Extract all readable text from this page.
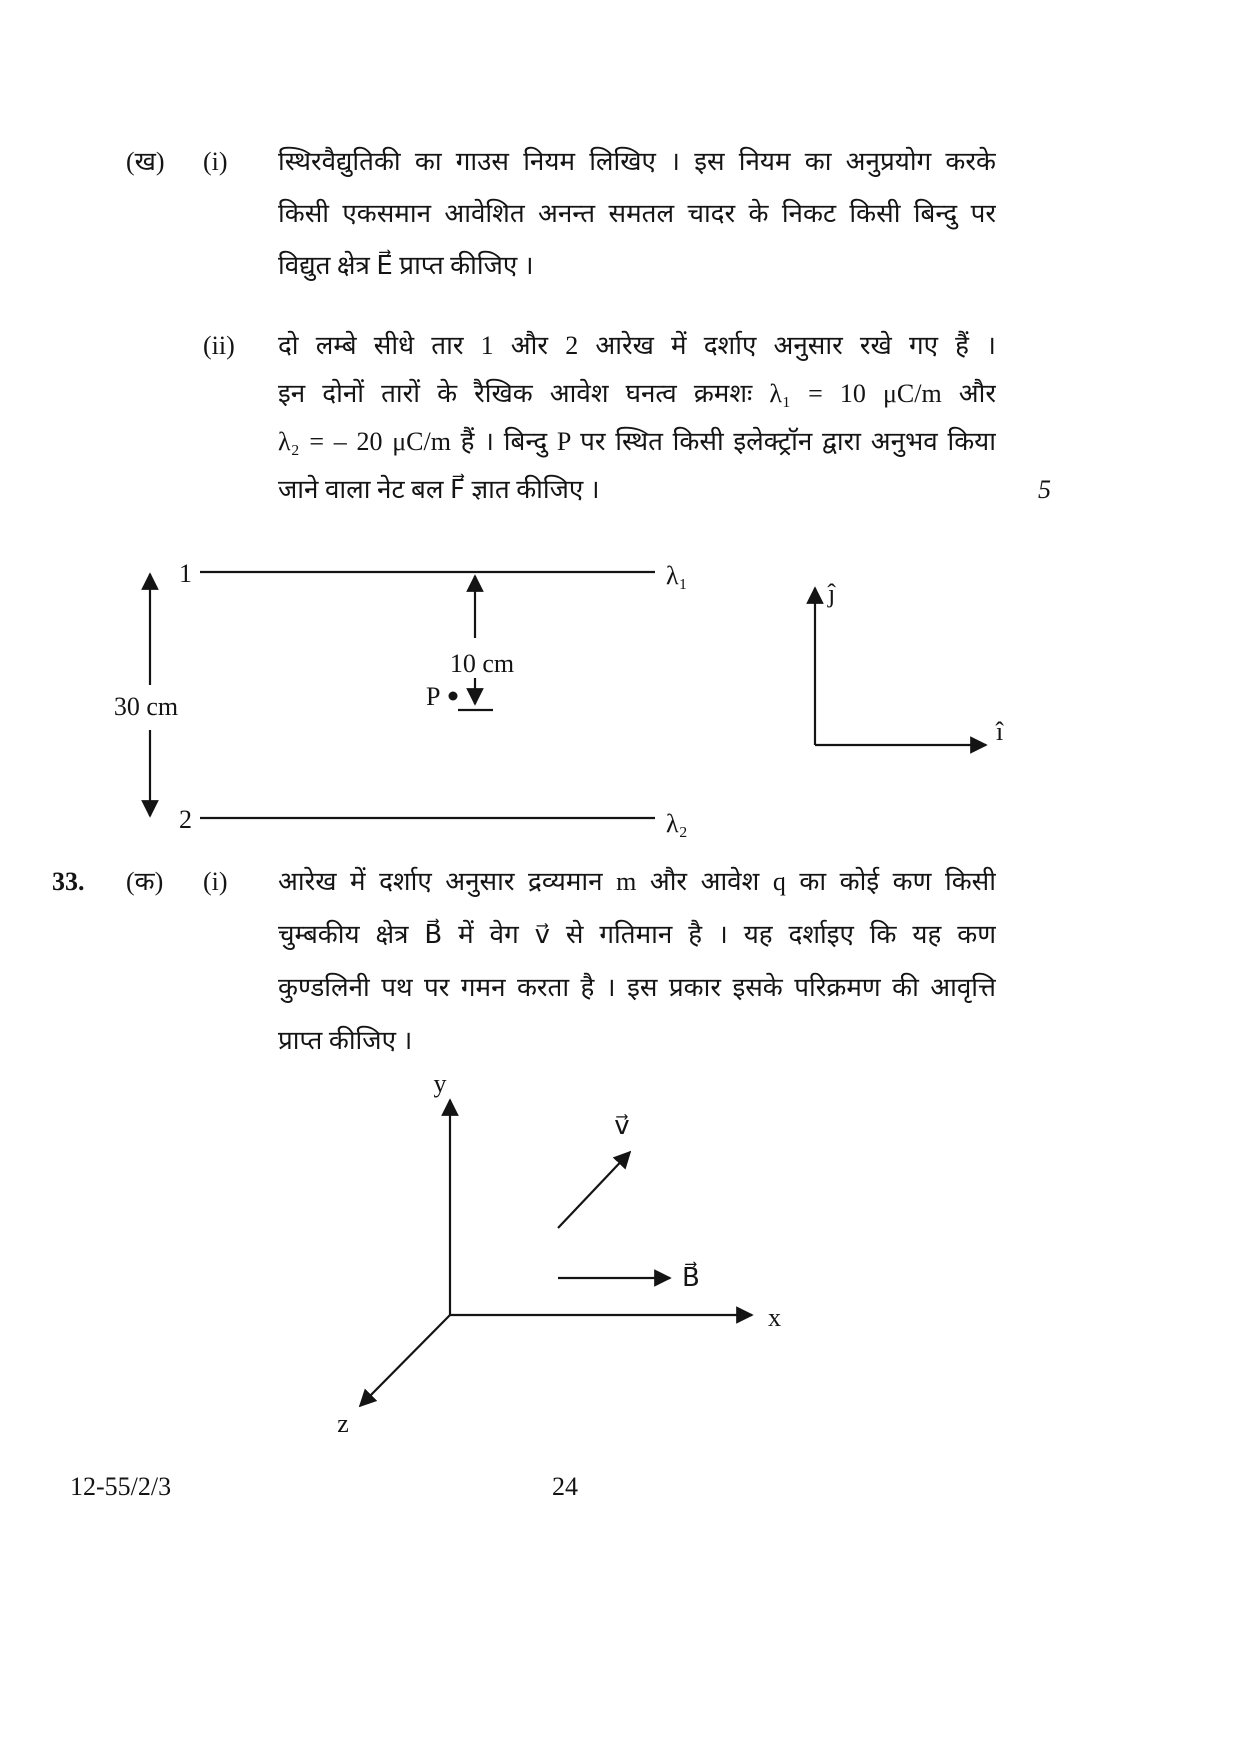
(ख) (i) स्थिरवैद्युतिकी का गाउस नियम लिखिए । इस नियम का अनुप्रयोग करके
किसी एकसमान आवेशित अनन्त समतल चादर के निकट किसी बिन्दु पर
विद्युत क्षेत्र E⃗ प्राप्त कीजिए ।
(ii) दो लम्बे सीधे तार 1 और 2 आरेख में दर्शाए अनुसार रखे गए हैं ।
इन दोनों तारों के रैखिक आवेश घनत्व क्रमशः λ₁ = 10 μC/m और
λ₂ = – 20 μC/m हैं । बिन्दु P पर स्थित किसी इलेक्ट्रॉन द्वारा अनुभव किया
जाने वाला नेट बल F⃗ ज्ञात कीजिए ।	5
1	λ₁
2	λ₂
30 cm
10 cm
P
ĵ
î
33. (क) (i) आरेख में दर्शाए अनुसार द्रव्यमान m और आवेश q का कोई कण किसी
चुम्बकीय क्षेत्र B⃗ में वेग v⃗ से गतिमान है । यह दर्शाइए कि यह कण
कुण्डलिनी पथ पर गमन करता है । इस प्रकार इसके परिक्रमण की आवृत्ति
प्राप्त कीजिए ।
y
x
z
v⃗
B⃗
12-55/2/3	24
